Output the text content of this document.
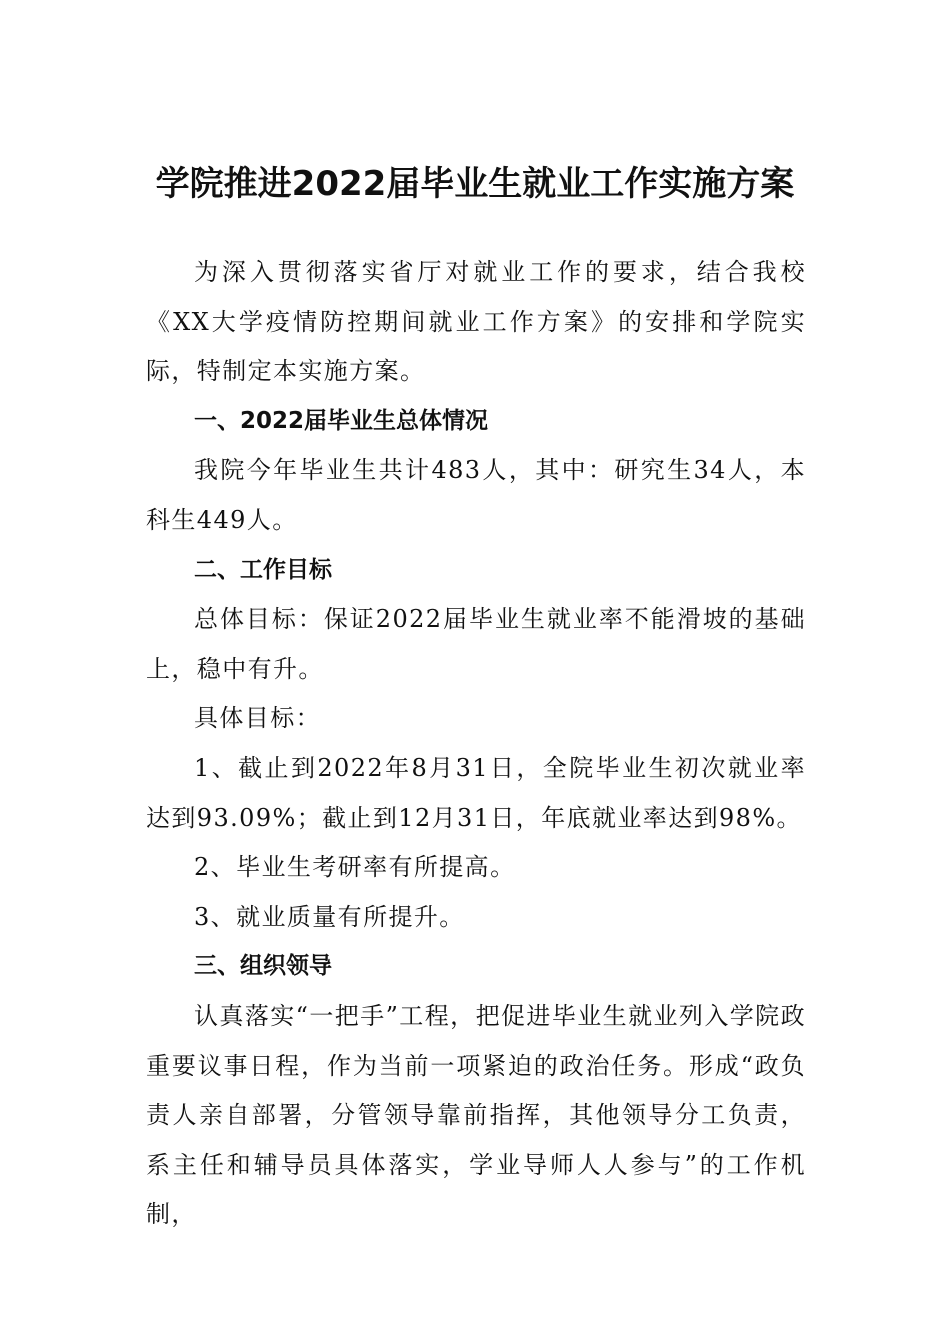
学院推进2022届毕业生就业工作实施方案

为深入贯彻落实省厅对就业工作的要求，结合我校《XX大学疫情防控期间就业工作方案》的安排和学院实际，特制定本实施方案。

一、2022届毕业生总体情况

我院今年毕业生共计483人，其中：研究生34人，本科生449人。

二、工作目标

总体目标：保证2022届毕业生就业率不能滑坡的基础上，稳中有升。

具体目标：

1、截止到2022年8月31日，全院毕业生初次就业率达到93.09%；截止到12月31日，年底就业率达到98%。

2、毕业生考研率有所提高。

3、就业质量有所提升。

三、组织领导

认真落实“一把手”工程，把促进毕业生就业列入学院政重要议事日程，作为当前一项紧迫的政治任务。形成“政负责人亲自部署，分管领导靠前指挥，其他领导分工负责，系主任和辅导员具体落实，学业导师人人参与”的工作机制，
